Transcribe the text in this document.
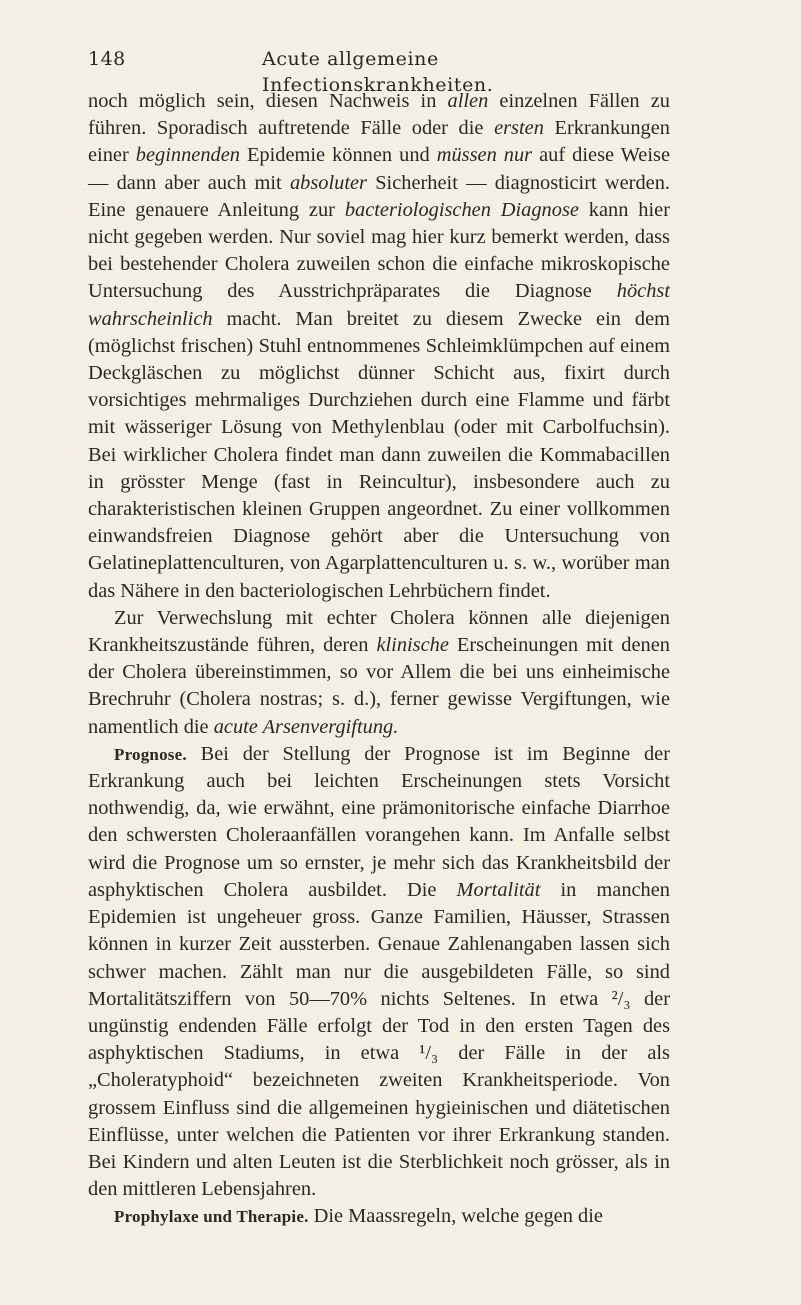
148	Acute allgemeine Infectionskrankheiten.

noch möglich sein, diesen Nachweis in allen einzelnen Fällen zu führen. Sporadisch auftretende Fälle oder die ersten Erkrankungen einer beginnenden Epidemie können und müssen nur auf diese Weise — dann aber auch mit absoluter Sicherheit — diagnosticirt werden. Eine genauere Anleitung zur bacteriologischen Diagnose kann hier nicht gegeben werden. Nur soviel mag hier kurz bemerkt werden, dass bei bestehender Cholera zuweilen schon die einfache mikroskopische Untersuchung des Ausstrichpräparates die Diagnose höchst wahrscheinlich macht. Man breitet zu diesem Zwecke ein dem (möglichst frischen) Stuhl entnommenes Schleimklümpchen auf einem Deckgläschen zu möglichst dünner Schicht aus, fixirt durch vorsichtiges mehrmaliges Durchziehen durch eine Flamme und färbt mit wässeriger Lösung von Methylenblau (oder mit Carbolfuchsin). Bei wirklicher Cholera findet man dann zuweilen die Kommabacillen in grösster Menge (fast in Reincultur), insbesondere auch zu charakteristischen kleinen Gruppen angeordnet. Zu einer vollkommen einwandsfreien Diagnose gehört aber die Untersuchung von Gelatineplattenculturen, von Agarplattenculturen u. s. w., worüber man das Nähere in den bacteriologischen Lehrbüchern findet.

Zur Verwechslung mit echter Cholera können alle diejenigen Krankheitszustände führen, deren klinische Erscheinungen mit denen der Cholera übereinstimmen, so vor Allem die bei uns einheimische Brechruhr (Cholera nostras; s. d.), ferner gewisse Vergiftungen, wie namentlich die acute Arsenvergiftung.

Prognose. Bei der Stellung der Prognose ist im Beginne der Erkrankung auch bei leichten Erscheinungen stets Vorsicht nothwendig, da, wie erwähnt, eine prämonitorische einfache Diarrhoe den schwersten Choleraanfällen vorangehen kann. Im Anfalle selbst wird die Prognose um so ernster, je mehr sich das Krankheitsbild der asphyktischen Cholera ausbildet. Die Mortalität in manchen Epidemien ist ungeheuer gross. Ganze Familien, Häusser, Strassen können in kurzer Zeit aussterben. Genaue Zahlenangaben lassen sich schwer machen. Zählt man nur die ausgebildeten Fälle, so sind Mortalitätsziffern von 50—70% nichts Seltenes. In etwa ²/₃ der ungünstig endenden Fälle erfolgt der Tod in den ersten Tagen des asphyktischen Stadiums, in etwa ¹/₃ der Fälle in der als „Choleratyphoid“ bezeichneten zweiten Krankheitsperiode. Von grossem Einfluss sind die allgemeinen hygieinischen und diätetischen Einflüsse, unter welchen die Patienten vor ihrer Erkrankung standen. Bei Kindern und alten Leuten ist die Sterblichkeit noch grösser, als in den mittleren Lebensjahren.

Prophylaxe und Therapie. Die Maassregeln, welche gegen die
